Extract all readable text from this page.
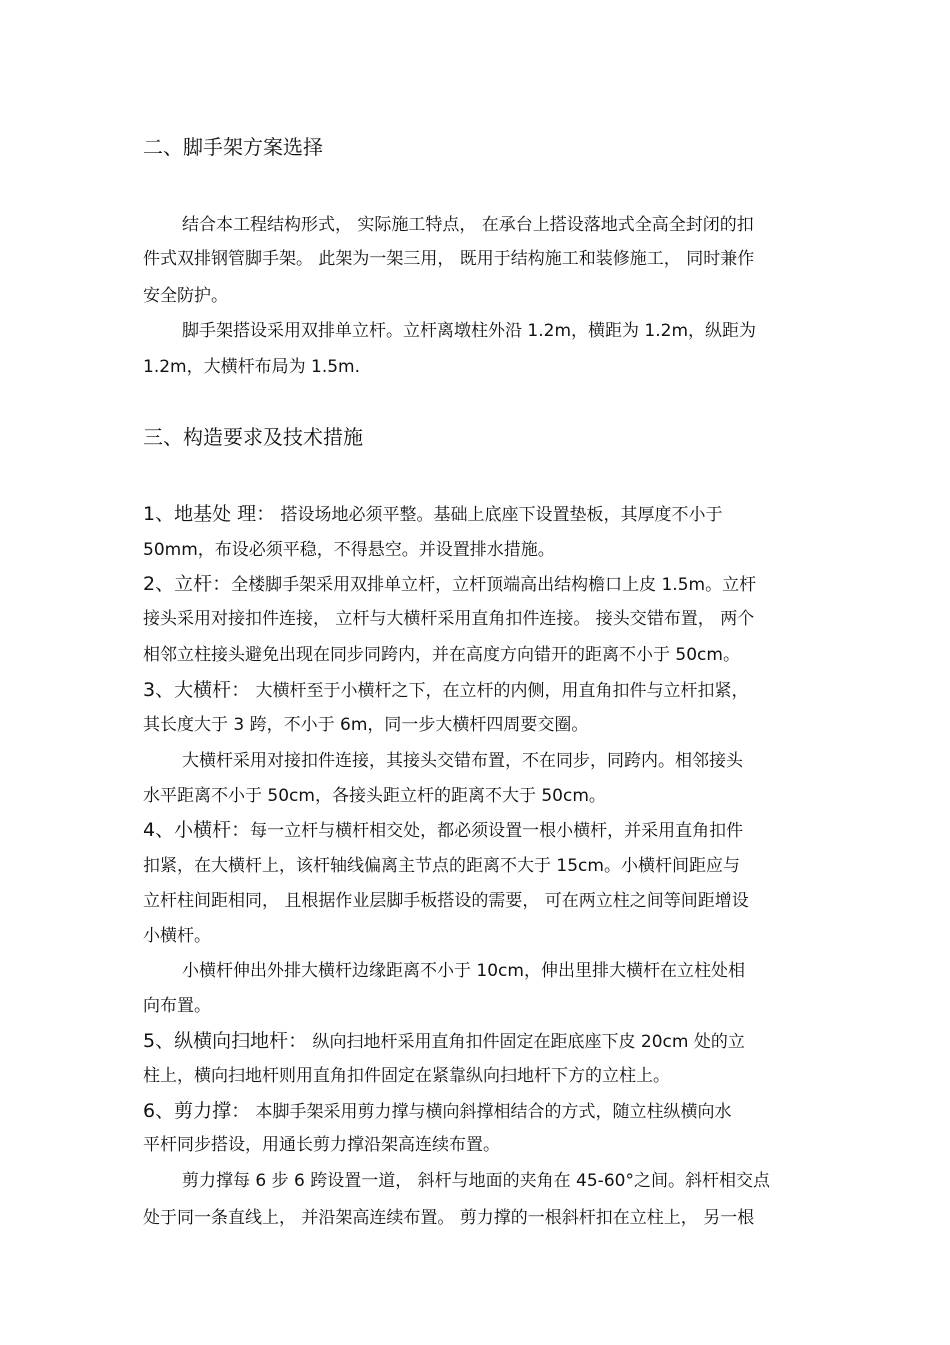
二、脚手架方案选择
结合本工程结构形式， 实际施工特点， 在承台上搭设落地式全高全封闭的扣
件式双排钢管脚手架。 此架为一架三用， 既用于结构施工和装修施工， 同时兼作
安全防护。
脚手架搭设采用双排单立杆。立杆离墩柱外沿 1.2m，横距为 1.2m，纵距为
1.2m，大横杆布局为 1.5m.
三、构造要求及技术措施
1、地基处 理： 搭设场地必须平整。基础上底座下设置垫板，其厚度不小于
50mm，布设必须平稳，不得悬空。并设置排水措施。
2、立杆：全楼脚手架采用双排单立杆，立杆顶端高出结构檐口上皮 1.5m。立杆
接头采用对接扣件连接， 立杆与大横杆采用直角扣件连接。 接头交错布置， 两个
相邻立柱接头避免出现在同步同跨内，并在高度方向错开的距离不小于 50cm。
3、大横杆： 大横杆至于小横杆之下，在立杆的内侧，用直角扣件与立杆扣紧，
其长度大于 3 跨，不小于 6m，同一步大横杆四周要交圈。
大横杆采用对接扣件连接，其接头交错布置，不在同步，同跨内。相邻接头
水平距离不小于 50cm，各接头距立杆的距离不大于 50cm。
4、小横杆：每一立杆与横杆相交处，都必须设置一根小横杆，并采用直角扣件
扣紧，在大横杆上，该杆轴线偏离主节点的距离不大于 15cm。小横杆间距应与
立杆柱间距相同， 且根据作业层脚手板搭设的需要， 可在两立柱之间等间距增设
小横杆。
小横杆伸出外排大横杆边缘距离不小于 10cm，伸出里排大横杆在立柱处相
向布置。
5、纵横向扫地杆： 纵向扫地杆采用直角扣件固定在距底座下皮 20cm 处的立
柱上，横向扫地杆则用直角扣件固定在紧靠纵向扫地杆下方的立柱上。
6、剪力撑： 本脚手架采用剪力撑与横向斜撑相结合的方式，随立柱纵横向水
平杆同步搭设，用通长剪力撑沿架高连续布置。
剪力撑每 6 步 6 跨设置一道， 斜杆与地面的夹角在 45-60°之间。斜杆相交点
处于同一条直线上， 并沿架高连续布置。 剪力撑的一根斜杆扣在立柱上， 另一根
